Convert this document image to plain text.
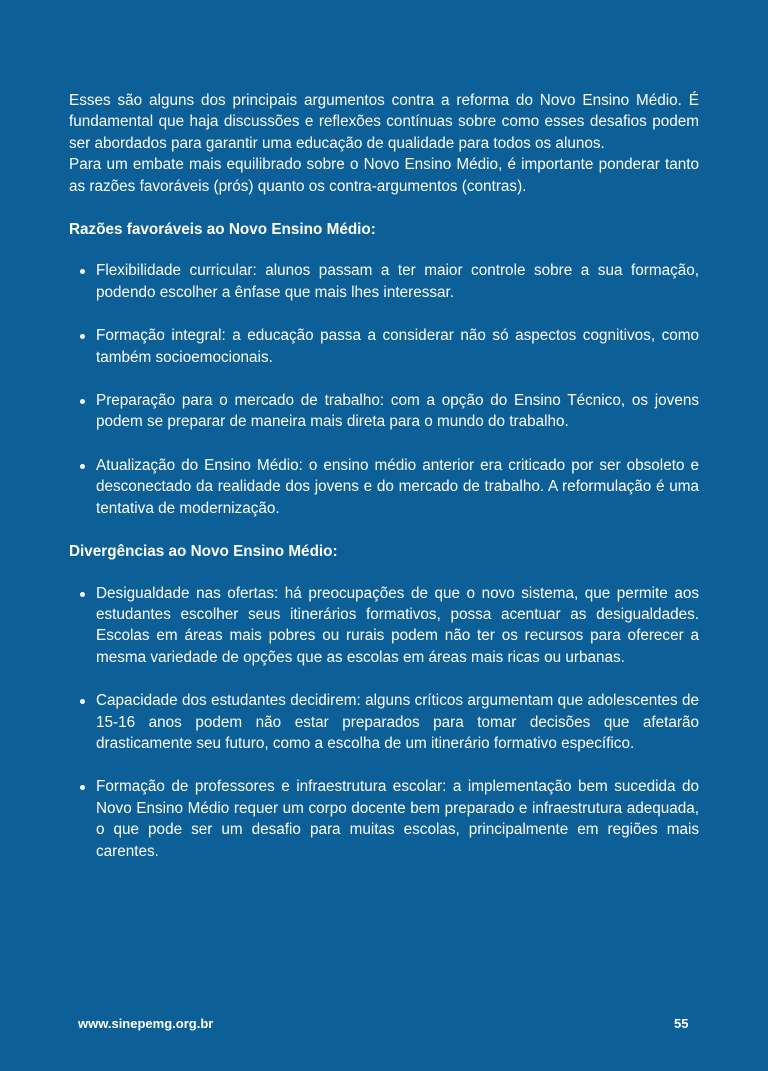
Esses são alguns dos principais argumentos contra a reforma do Novo Ensino Médio. É fundamental que haja discussões e reflexões contínuas sobre como esses desafios podem ser abordados para garantir uma educação de qualidade para todos os alunos.

Para um embate mais equilibrado sobre o Novo Ensino Médio, é importante ponderar tanto as razões favoráveis (prós) quanto os contra-argumentos (contras).

Razões favoráveis ao Novo Ensino Médio:

Flexibilidade curricular: alunos passam a ter maior controle sobre a sua formação, podendo escolher a ênfase que mais lhes interessar.
Formação integral: a educação passa a considerar não só aspectos cognitivos, como também socioemocionais.
Preparação para o mercado de trabalho: com a opção do Ensino Técnico, os jovens podem se preparar de maneira mais direta para o mundo do trabalho.
Atualização do Ensino Médio: o ensino médio anterior era criticado por ser obsoleto e desconectado da realidade dos jovens e do mercado de trabalho. A reformulação é uma tentativa de modernização.

Divergências ao Novo Ensino Médio:

Desigualdade nas ofertas: há preocupações de que o novo sistema, que permite aos estudantes escolher seus itinerários formativos, possa acentuar as desigualdades. Escolas em áreas mais pobres ou rurais podem não ter os recursos para oferecer a mesma variedade de opções que as escolas em áreas mais ricas ou urbanas.
Capacidade dos estudantes decidirem: alguns críticos argumentam que adolescentes de 15-16 anos podem não estar preparados para tomar decisões que afetarão drasticamente seu futuro, como a escolha de um itinerário formativo específico.
Formação de professores e infraestrutura escolar: a implementação bem sucedida do Novo Ensino Médio requer um corpo docente bem preparado e infraestrutura adequada, o que pode ser um desafio para muitas escolas, principalmente em regiões mais carentes.
www.sinepemg.org.br	55
